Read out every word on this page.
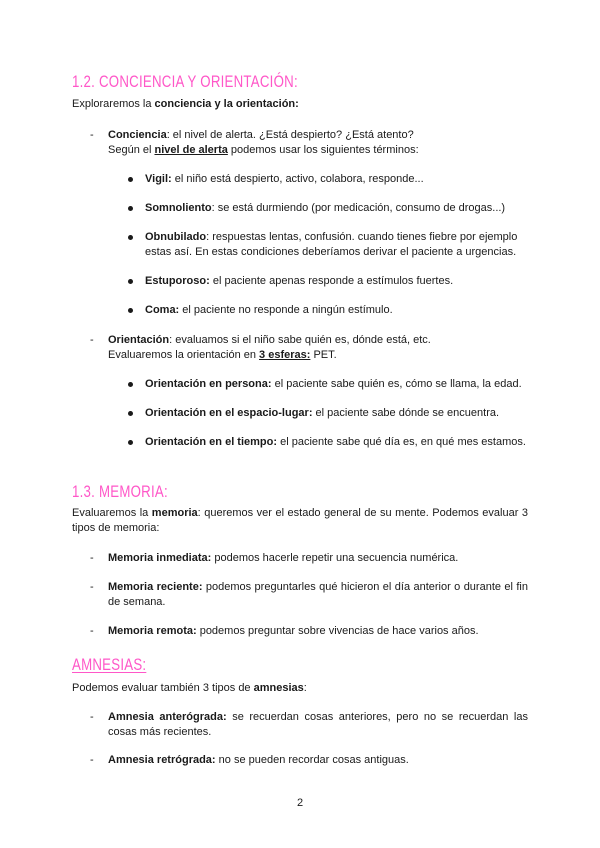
1.2. CONCIENCIA Y ORIENTACIÓN:
Exploraremos la conciencia y la orientación:
- Conciencia: el nivel de alerta. ¿Está despierto? ¿Está atento?
Según el nivel de alerta podemos usar los siguientes términos:
Vigil: el niño está despierto, activo, colabora, responde...
Somnoliento: se está durmiendo (por medicación, consumo de drogas...)
Obnubilado: respuestas lentas, confusión. cuando tienes fiebre por ejemplo estas así. En estas condiciones deberíamos derivar el paciente a urgencias.
Estuporoso: el paciente apenas responde a estímulos fuertes.
Coma: el paciente no responde a ningún estímulo.
- Orientación: evaluamos si el niño sabe quién es, dónde está, etc.
Evaluaremos la orientación en 3 esferas: PET.
Orientación en persona: el paciente sabe quién es, cómo se llama, la edad.
Orientación en el espacio-lugar: el paciente sabe dónde se encuentra.
Orientación en el tiempo: el paciente sabe qué día es, en qué mes estamos.
1.3. MEMORIA:
Evaluaremos la memoria: queremos ver el estado general de su mente. Podemos evaluar 3 tipos de memoria:
- Memoria inmediata: podemos hacerle repetir una secuencia numérica.
- Memoria reciente: podemos preguntarles qué hicieron el día anterior o durante el fin de semana.
- Memoria remota: podemos preguntar sobre vivencias de hace varios años.
AMNESIAS:
Podemos evaluar también 3 tipos de amnesias:
- Amnesia anterógrada: se recuerdan cosas anteriores, pero no se recuerdan las cosas más recientes.
- Amnesia retrógrada: no se pueden recordar cosas antiguas.
2
